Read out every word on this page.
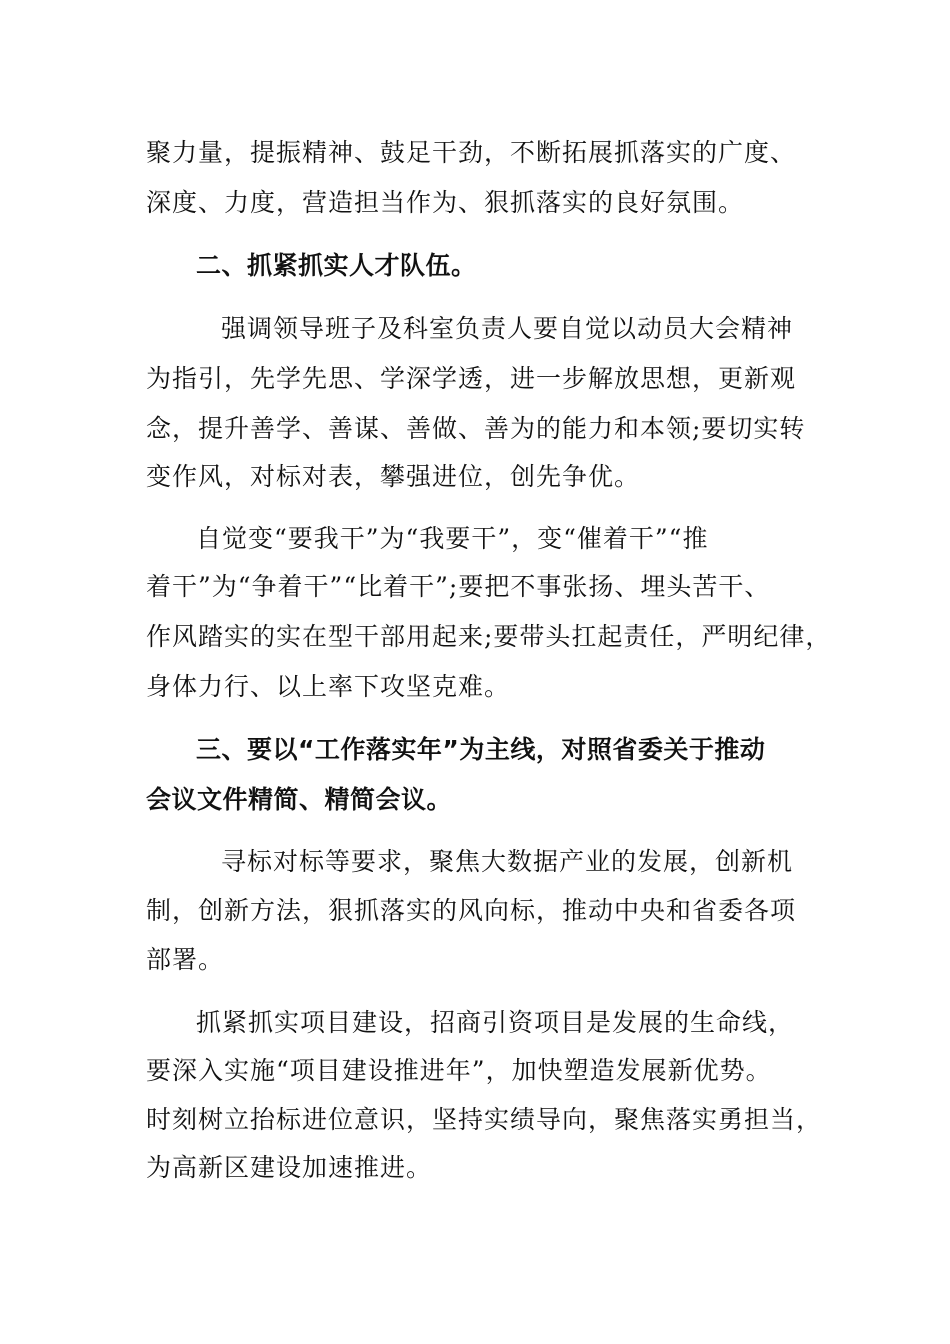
聚力量，提振精神、鼓足干劲，不断拓展抓落实的广度、
深度、力度，营造担当作为、狠抓落实的良好氛围。
二、抓紧抓实人才队伍。
强调领导班子及科室负责人要自觉以动员大会精神
为指引，先学先思、学深学透，进一步解放思想，更新观
念，提升善学、善谋、善做、善为的能力和本领;要切实转
变作风，对标对表，攀强进位，创先争优。
自觉变“要我干”为“我要干”，变“催着干”“推
着干”为“争着干”“比着干”;要把不事张扬、埋头苦干、
作风踏实的实在型干部用起来;要带头扛起责任，严明纪律，
身体力行、以上率下攻坚克难。
三、要以“工作落实年”为主线，对照省委关于推动
会议文件精简、精简会议。
寻标对标等要求，聚焦大数据产业的发展，创新机
制，创新方法，狠抓落实的风向标，推动中央和省委各项
部署。
抓紧抓实项目建设，招商引资项目是发展的生命线，
要深入实施“项目建设推进年”，加快塑造发展新优势。
时刻树立抬标进位意识，坚持实绩导向，聚焦落实勇担当，
为高新区建设加速推进。
